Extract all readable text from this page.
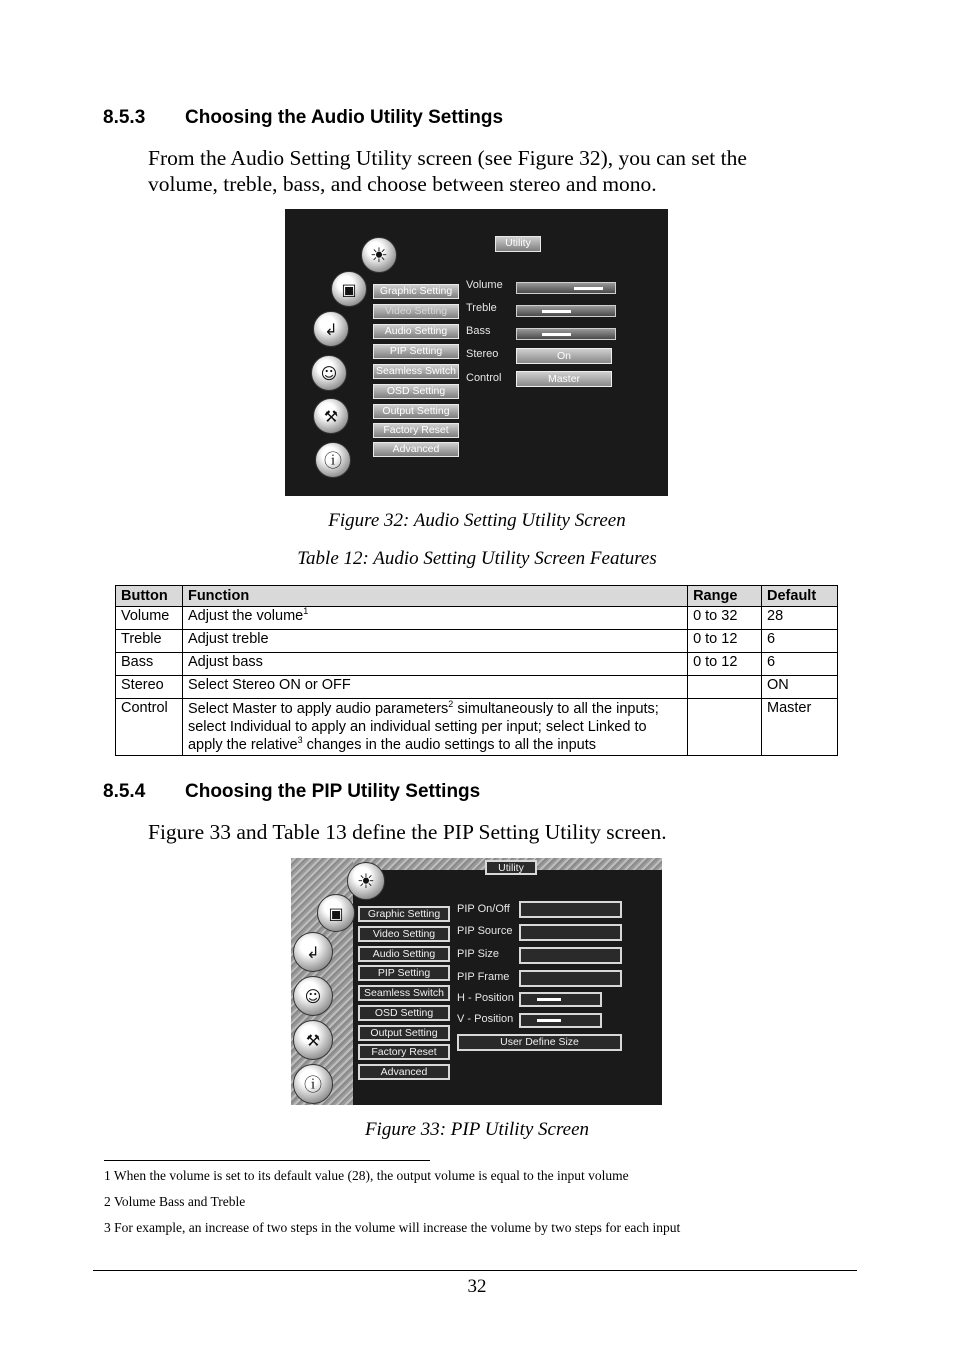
8.5.3 Choosing the Audio Utility Settings
From the Audio Setting Utility screen (see Figure 32), you can set the
volume, treble, bass, and choose between stereo and mono.
Utility
☀
▣
↲
☺
⚒
ⓘ
Graphic Setting
Video Setting
Audio Setting
PIP Setting
Seamless Switch
OSD Setting
Output Setting
Factory Reset
Advanced
Volume
Treble
Bass
Stereo
Control
On
Master
Figure 32: Audio Setting Utility Screen
Table 12: Audio Setting Utility Screen Features
Button	Function	Range	Default
Volume	Adjust the volume$^1$	0 to 32	28
Treble	Adjust treble	0 to 12	6
Bass	Adjust bass	0 to 12	6
Stereo	Select Stereo ON or OFF		ON
Control	Select Master to apply audio parameters$^2$ simultaneously to all the inputs; select Individual to apply an individual setting per input; select Linked to apply the relative$^3$ changes in the audio settings to all the inputs		Master
8.5.4 Choosing the PIP Utility Settings
Figure 33 and Table 13 define the PIP Setting Utility screen.
Utility
☀
▣
↲
☺
⚒
ⓘ
Graphic Setting
Video Setting
Audio Setting
PIP Setting
Seamless Switch
OSD Setting
Output Setting
Factory Reset
Advanced
PIP On/Off
PIP Source
PIP Size
PIP Frame
H - Position
V - Position
User Define Size
Figure 33: PIP Utility Screen
1 When the volume is set to its default value (28), the output volume is equal to the input volume
2 Volume Bass and Treble
3 For example, an increase of two steps in the volume will increase the volume by two steps for each input
32
